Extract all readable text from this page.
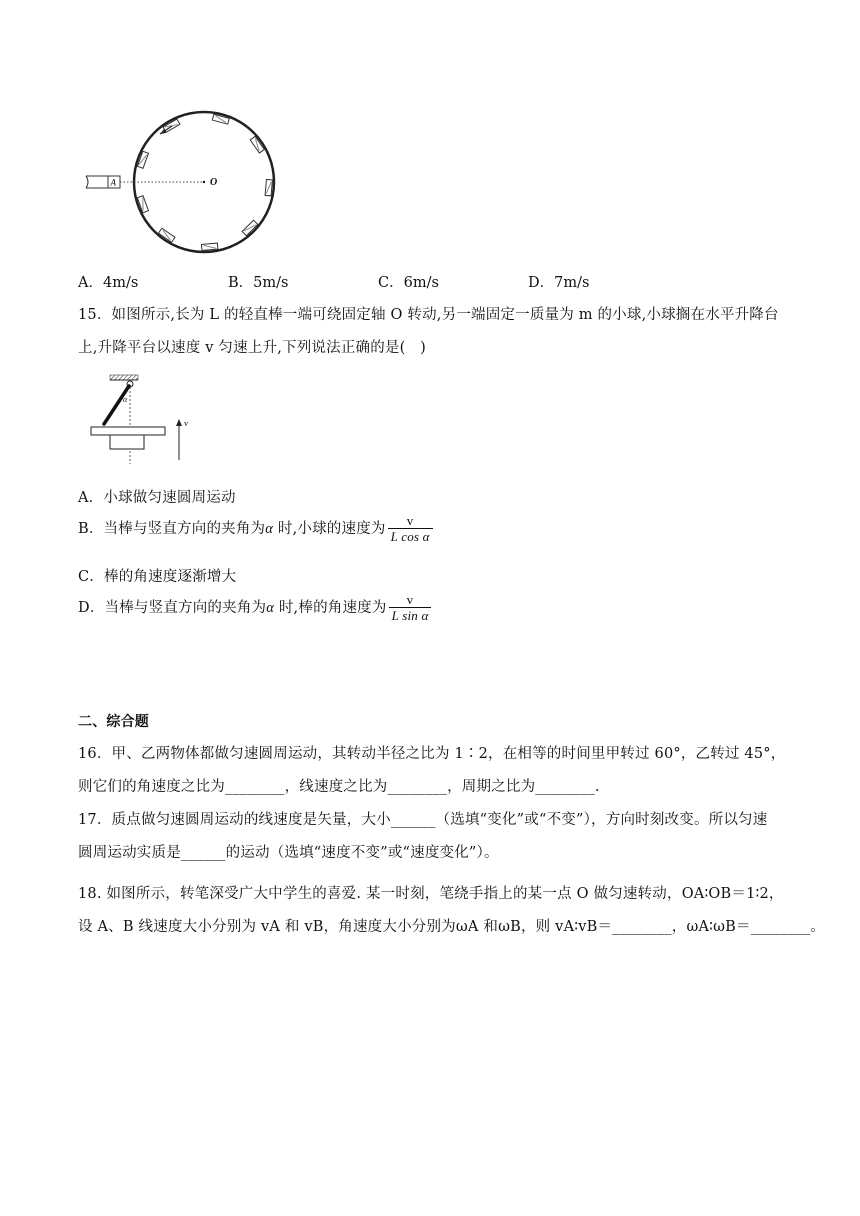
A	O
A．4m/s	B．5m/s	C．6m/s	D．7m/s
15．如图所示,长为 L 的轻直棒一端可绕固定轴 O 转动,另一端固定一质量为 m 的小球,小球搁在水平升降台
上,升降平台以速度 v 匀速上升,下列说法正确的是(　)
α
v
A．小球做匀速圆周运动
B．当棒与竖直方向的夹角为α 时,小球的速度为 $\frac{v}{\text{L cos α}}$
C．棒的角速度逐渐增大
D．当棒与竖直方向的夹角为α 时,棒的角速度为 $\frac{v}{\text{L sin α}}$
二、综合题
16．甲、乙两物体都做匀速圆周运动，其转动半径之比为 1∶2，在相等的时间里甲转过 60°，乙转过 45°，
则它们的角速度之比为________，线速度之比为________，周期之比为________.
17．质点做匀速圆周运动的线速度是矢量，大小______（选填“变化”或“不变”），方向时刻改变。所以匀速
圆周运动实质是______的运动（选填“速度不变”或“速度变化”）。
18. 如图所示，转笔深受广大中学生的喜爱. 某一时刻，笔绕手指上的某一点 O 做匀速转动，OA∶OB＝1∶2，
设 A、B 线速度大小分别为 vA 和 vB，角速度大小分别为ωA 和ωB，则 vA∶vB＝________，ωA∶ωB＝________。
